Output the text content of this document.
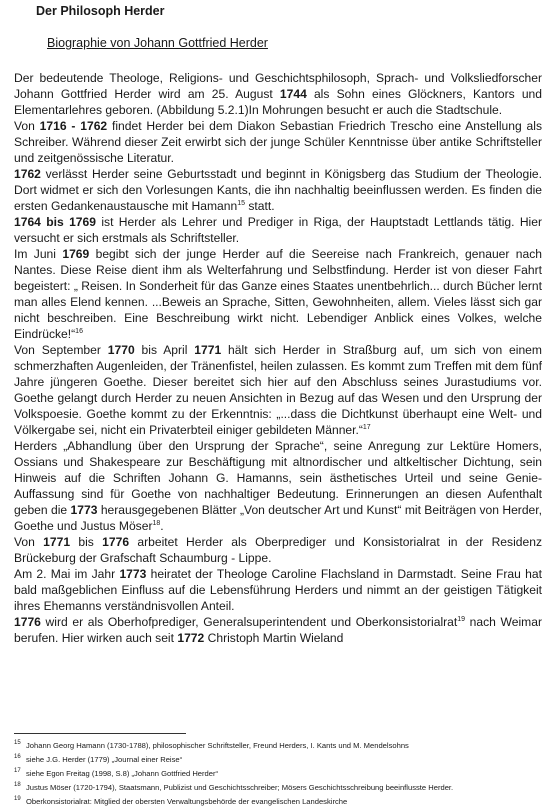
Der Philosoph Herder
Biographie von Johann Gottfried Herder

Der bedeutende Theologe, Religions- und Geschichtsphilosoph, Sprach- und Volksliedforscher Johann Gottfried Herder wird am 25. August 1744 als Sohn eines Glöckners, Kantors und Elementarlehres geboren. (Abbildung 5.2.1)In Mohrungen besucht er auch die Stadtschule.

Von 1716 - 1762 findet Herder bei dem Diakon Sebastian Friedrich Trescho eine Anstellung als Schreiber. Während dieser Zeit erwirbt sich der junge Schüler Kenntnisse über antike Schriftsteller und zeitgenössische Literatur.

1762 verlässt Herder seine Geburtsstadt und beginnt in Königsberg das Studium der Theologie. Dort widmet er sich den Vorlesungen Kants, die ihn nachhaltig beeinflussen werden. Es finden die ersten Gedankenaustausche mit Hamann$^{15}$ statt.

1764 bis 1769 ist Herder als Lehrer und Prediger in Riga, der Hauptstadt Lettlands tätig. Hier versucht er sich erstmals als Schriftsteller.

Im Juni 1769 begibt sich der junge Herder auf die Seereise nach Frankreich, genauer nach Nantes. Diese Reise dient ihm als Welterfahrung und Selbstfindung. Herder ist von dieser Fahrt begeistert: „ Reisen. In Sonderheit für das Ganze eines Staates unentbehrlich... durch Bücher lernt man alles Elend kennen. ...Beweis an Sprache, Sitten, Gewohnheiten, allem. Vieles lässt sich gar nicht beschreiben. Eine Beschreibung wirkt nicht. Lebendiger Anblick eines Volkes, welche Eindrücke!“$^{16}$

Von September 1770 bis April 1771 hält sich Herder in Straßburg auf, um sich von einem schmerzhaften Augenleiden, der Tränenfistel, heilen zulassen. Es kommt zum Treffen mit dem fünf Jahre jüngeren Goethe. Dieser bereitet sich hier auf den Abschluss seines Jurastudiums vor. Goethe gelangt durch Herder zu neuen Ansichten in Bezug auf das Wesen und den Ursprung der Volkspoesie. Goethe kommt zu der Erkenntnis: „...dass die Dichtkunst überhaupt eine Welt- und Völkergabe sei, nicht ein Privaterbteil einiger gebildeten Männer.“$^{17}$

Herders „Abhandlung über den Ursprung der Sprache“, seine Anregung zur Lektüre Homers, Ossians und Shakespeare zur Beschäftigung mit altnordischer und altkeltischer Dichtung, sein Hinweis auf die Schriften Johann G. Hamanns, sein ästhetisches Urteil und seine Genie- Auffassung sind für Goethe von nachhaltiger Bedeutung. Erinnerungen an diesen Aufenthalt geben die 1773 herausgegebenen Blätter „Von deutscher Art und Kunst“ mit Beiträgen von Herder, Goethe und Justus Möser$^{18}$.

Von 1771 bis 1776 arbeitet Herder als Oberprediger und Konsistorialrat in der Residenz Brückeburg der Grafschaft Schaumburg - Lippe.

Am 2. Mai im Jahr 1773 heiratet der Theologe Caroline Flachsland in Darmstadt. Seine Frau hat bald maßgeblichen Einfluss auf die Lebensführung Herders und nimmt an der geistigen Tätigkeit ihres Ehemanns verständnisvollen Anteil.

1776 wird er als Oberhofprediger, Generalsuperintendent und Oberkonsistorialrat$^{19}$ nach Weimar berufen. Hier wirken auch seit 1772 Christoph Martin Wieland

15 Johann Georg Hamann (1730-1788), philosophischer Schriftsteller, Freund Herders, I. Kants und M. Mendelsohns
16 siehe J.G. Herder (1779) „Journal einer Reise“
17 siehe Egon Freitag (1998, S.8) „Johann Gottfried Herder“
18 Justus Möser (1720-1794), Staatsmann, Publizist und Geschichtsschreiber; Mösers Geschichtsschreibung beeinflusste Herder.
19 Oberkonsistorialrat: Mitglied der obersten Verwaltungsbehörde der evangelischen Landeskirche
